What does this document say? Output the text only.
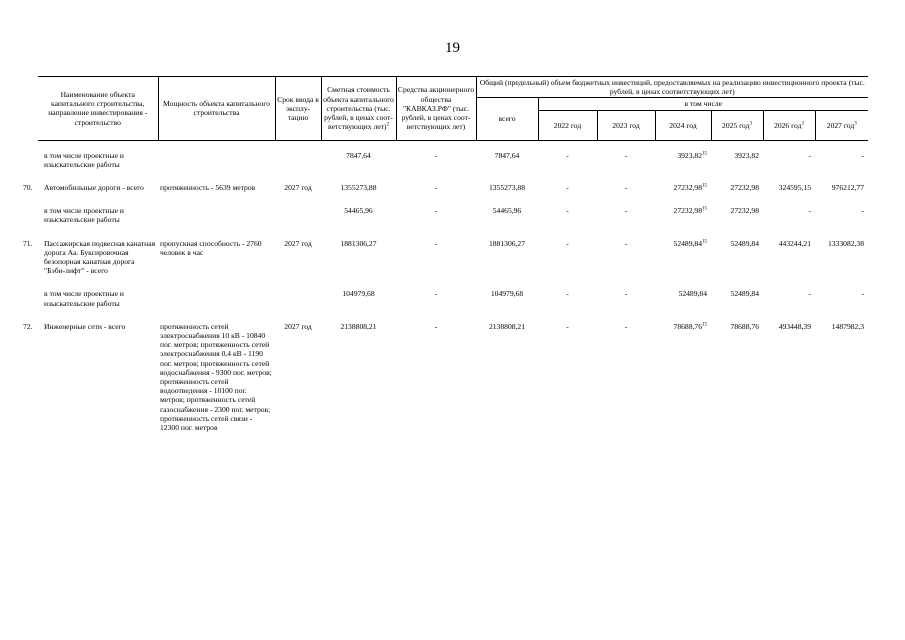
19
Наименование объекта капитального строительства, направление инвестирования - строительство	Мощность объекта капитального строительства	Срок ввода в эксплу-тацию	Сметная стоимость объекта капитального строительства (тыс. рублей, в ценах соот-ветствующих лет)$^2$	Средства акционерного общества "КАВКАЗ.РФ" (тыс. рублей, в ценах соот-ветствующих лет)	Общий (предельный) объем бюджетных инвестиций, предоставляемых на реализацию инвестиционного проекта (тыс. рублей, в ценах соответствующих лет)						
					всего	в том числе					
						2022 год	2023 год	2024 год	2025 год$^3$	2026 год$^3$	2027 год$^3$

в том числе проектные и изыскательские работы			7847,64	-	7847,64	-	-	3923,82$^{15}$	3923,82	-	-

70. Автомобильные дороги - всего	протяженность - 5639 метров	2027 год	1355273,88	-	1355273,88	-	-	27232,98$^{15}$	27232,98	324595,15	976212,77

в том числе проектные и изыскательские работы			54465,96	-	54465,96	-	-	27232,98$^{15}$	27232,98	-	-

71. Пассажирская подвесная канатная дорога Аа. Буксировочная безопорная канатная дорога "Бэби-лифт" - всего	пропускная способность - 2760 человек в час	2027 год	1881306,27	-	1881306,27	-	-	52489,84$^{15}$	52489,84	443244,21	1333082,38

в том числе проектные и изыскательские работы			104979,68	-	104979,68	-	-	52489,84	52489,84	-	-

72. Инженерные сети - всего	протяженность сетей электроснабжения 10 кВ - 10840 пог. метров; протяженность сетей электроснабжения 0,4 кВ - 1190 пог. метров; протяженность сетей водоснабжения - 9300 пог. метров; протяженность сетей водоотведения - 10100 пог. метров; протяженность сетей газоснабжения - 2300 пог. метров; протяженность сетей связи - 12300 пог. метров	2027 год	2138808,21	-	2138808,21	-	-	78688,76$^{15}$	78688,76	493448,39	1487982,3
